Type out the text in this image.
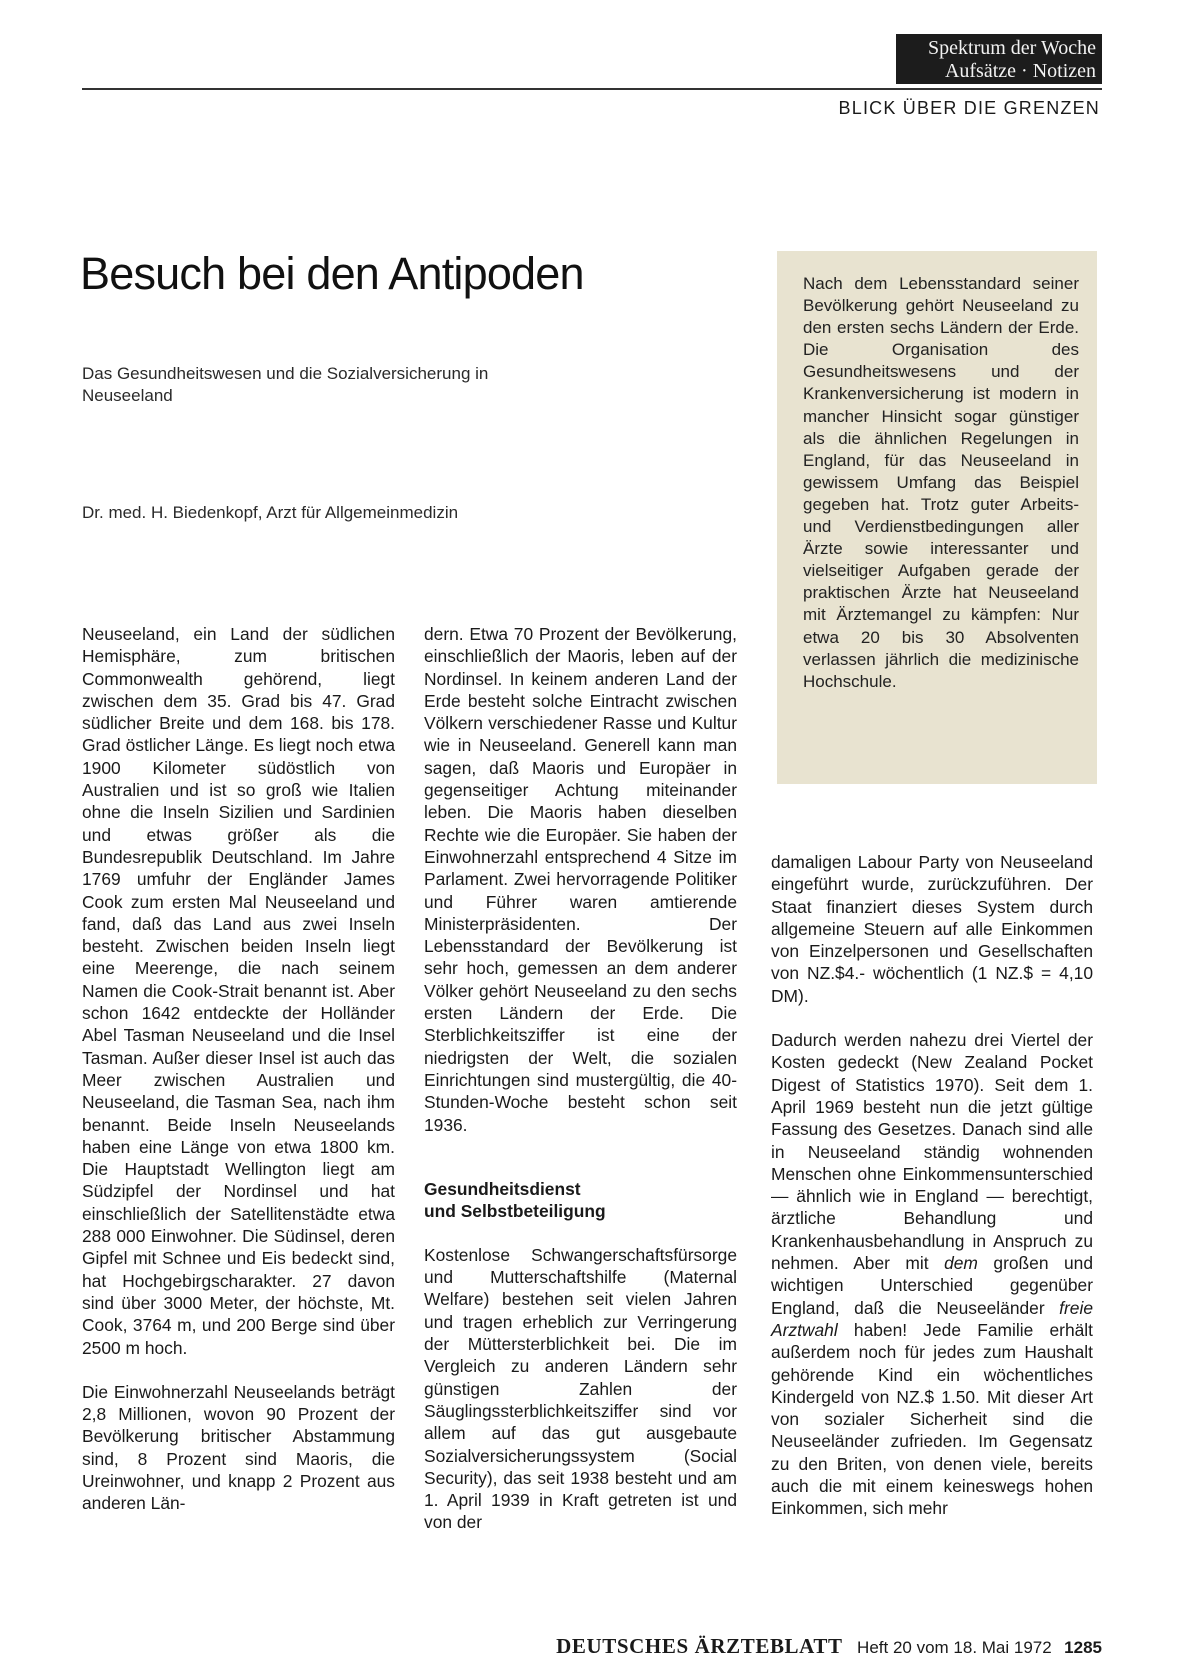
Spektrum der Woche
Aufsätze · Notizen
BLICK ÜBER DIE GRENZEN
Besuch bei den Antipoden
Das Gesundheitswesen und die Sozialversicherung in Neuseeland
Dr. med. H. Biedenkopf, Arzt für Allgemeinmedizin
Nach dem Lebensstandard seiner Bevölkerung gehört Neuseeland zu den ersten sechs Ländern der Erde. Die Organisation des Gesundheitswesens und der Krankenversicherung ist modern in mancher Hinsicht sogar günstiger als die ähnlichen Regelungen in England, für das Neuseeland in gewissem Umfang das Beispiel gegeben hat. Trotz guter Arbeits- und Verdienstbedingungen aller Ärzte sowie interessanter und vielseitiger Aufgaben gerade der praktischen Ärzte hat Neuseeland mit Ärztemangel zu kämpfen: Nur etwa 20 bis 30 Absolventen verlassen jährlich die medizinische Hochschule.

Neuseeland, ein Land der südlichen Hemisphäre, zum britischen Commonwealth gehörend, liegt zwischen dem 35. Grad bis 47. Grad südlicher Breite und dem 168. bis 178. Grad östlicher Länge. Es liegt noch etwa 1900 Kilometer südöstlich von Australien und ist so groß wie Italien ohne die Inseln Sizilien und Sardinien und etwas größer als die Bundesrepublik Deutschland. Im Jahre 1769 umfuhr der Engländer James Cook zum ersten Mal Neuseeland und fand, daß das Land aus zwei Inseln besteht. Zwischen beiden Inseln liegt eine Meerenge, die nach seinem Namen die Cook-Strait benannt ist. Aber schon 1642 entdeckte der Holländer Abel Tasman Neuseeland und die Insel Tasman. Außer dieser Insel ist auch das Meer zwischen Australien und Neuseeland, die Tasman Sea, nach ihm benannt. Beide Inseln Neuseelands haben eine Länge von etwa 1800 km. Die Hauptstadt Wellington liegt am Südzipfel der Nordinsel und hat einschließlich der Satellitenstädte etwa 288 000 Einwohner. Die Südinsel, deren Gipfel mit Schnee und Eis bedeckt sind, hat Hochgebirgscharakter. 27 davon sind über 3000 Meter, der höchste, Mt. Cook, 3764 m, und 200 Berge sind über 2500 m hoch.

Die Einwohnerzahl Neuseelands beträgt 2,8 Millionen, wovon 90 Prozent der Bevölkerung britischer Abstammung sind, 8 Prozent sind Maoris, die Ureinwohner, und knapp 2 Prozent aus anderen Län-

dern. Etwa 70 Prozent der Bevölkerung, einschließlich der Maoris, leben auf der Nordinsel. In keinem anderen Land der Erde besteht solche Eintracht zwischen Völkern verschiedener Rasse und Kultur wie in Neuseeland. Generell kann man sagen, daß Maoris und Europäer in gegenseitiger Achtung miteinander leben. Die Maoris haben dieselben Rechte wie die Europäer. Sie haben der Einwohnerzahl entsprechend 4 Sitze im Parlament. Zwei hervorragende Politiker und Führer waren amtierende Ministerpräsidenten. Der Lebensstandard der Bevölkerung ist sehr hoch, gemessen an dem anderer Völker gehört Neuseeland zu den sechs ersten Ländern der Erde. Die Sterblichkeitsziffer ist eine der niedrigsten der Welt, die sozialen Einrichtungen sind mustergültig, die 40-Stunden-Woche besteht schon seit 1936.

Gesundheitsdienst
und Selbstbeteiligung

Kostenlose Schwangerschaftsfürsorge und Mutterschaftshilfe (Maternal Welfare) bestehen seit vielen Jahren und tragen erheblich zur Verringerung der Müttersterblichkeit bei. Die im Vergleich zu anderen Ländern sehr günstigen Zahlen der Säuglingssterblichkeitsziffer sind vor allem auf das gut ausgebaute Sozialversicherungssystem (Social Security), das seit 1938 besteht und am 1. April 1939 in Kraft getreten ist und von der

damaligen Labour Party von Neuseeland eingeführt wurde, zurückzuführen. Der Staat finanziert dieses System durch allgemeine Steuern auf alle Einkommen von Einzelpersonen und Gesellschaften von NZ.$4.- wöchentlich (1 NZ.$ = 4,10 DM).

Dadurch werden nahezu drei Viertel der Kosten gedeckt (New Zealand Pocket Digest of Statistics 1970). Seit dem 1. April 1969 besteht nun die jetzt gültige Fassung des Gesetzes. Danach sind alle in Neuseeland ständig wohnenden Menschen ohne Einkommensunterschied — ähnlich wie in England — berechtigt, ärztliche Behandlung und Krankenhausbehandlung in Anspruch zu nehmen. Aber mit dem großen und wichtigen Unterschied gegenüber England, daß die Neuseeländer freie Arztwahl haben! Jede Familie erhält außerdem noch für jedes zum Haushalt gehörende Kind ein wöchentliches Kindergeld von NZ.$ 1.50. Mit dieser Art von sozialer Sicherheit sind die Neuseeländer zufrieden. Im Gegensatz zu den Briten, von denen viele, bereits auch die mit einem keineswegs hohen Einkommen, sich mehr

DEUTSCHES ÄRZTEBLATT Heft 20 vom 18. Mai 1972 1285
